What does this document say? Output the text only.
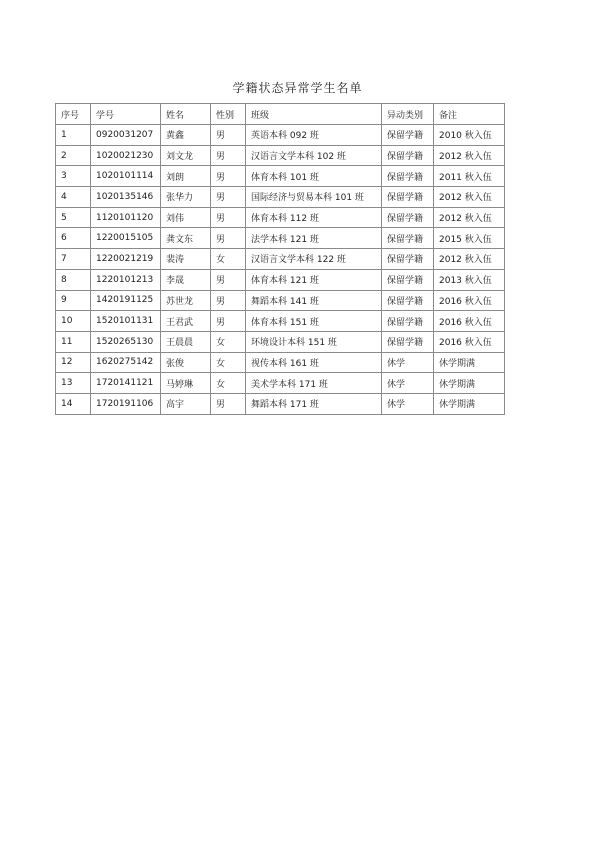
学籍状态异常学生名单
序号	学号	姓名	性别	班级	异动类别	备注
1	0920031207	黄鑫	男	英语本科 092 班	保留学籍	2010 秋入伍
2	1020021230	刘文龙	男	汉语言文学本科 102 班	保留学籍	2012 秋入伍
3	1020101114	刘朗	男	体育本科 101 班	保留学籍	2011 秋入伍
4	1020135146	张华力	男	国际经济与贸易本科 101 班	保留学籍	2012 秋入伍
5	1120101120	刘伟	男	体育本科 112 班	保留学籍	2012 秋入伍
6	1220015105	龚文东	男	法学本科 121 班	保留学籍	2015 秋入伍
7	1220021219	裴涛	女	汉语言文学本科 122 班	保留学籍	2012 秋入伍
8	1220101213	李晟	男	体育本科 121 班	保留学籍	2013 秋入伍
9	1420191125	苏世龙	男	舞蹈本科 141 班	保留学籍	2016 秋入伍
10	1520101131	王君武	男	体育本科 151 班	保留学籍	2016 秋入伍
11	1520265130	王晨晨	女	环境设计本科 151 班	保留学籍	2016 秋入伍
12	1620275142	张俊	女	视传本科 161 班	休学	休学期满
13	1720141121	马婷琳	女	美术学本科 171 班	休学	休学期满
14	1720191106	高宇	男	舞蹈本科 171 班	休学	休学期满
